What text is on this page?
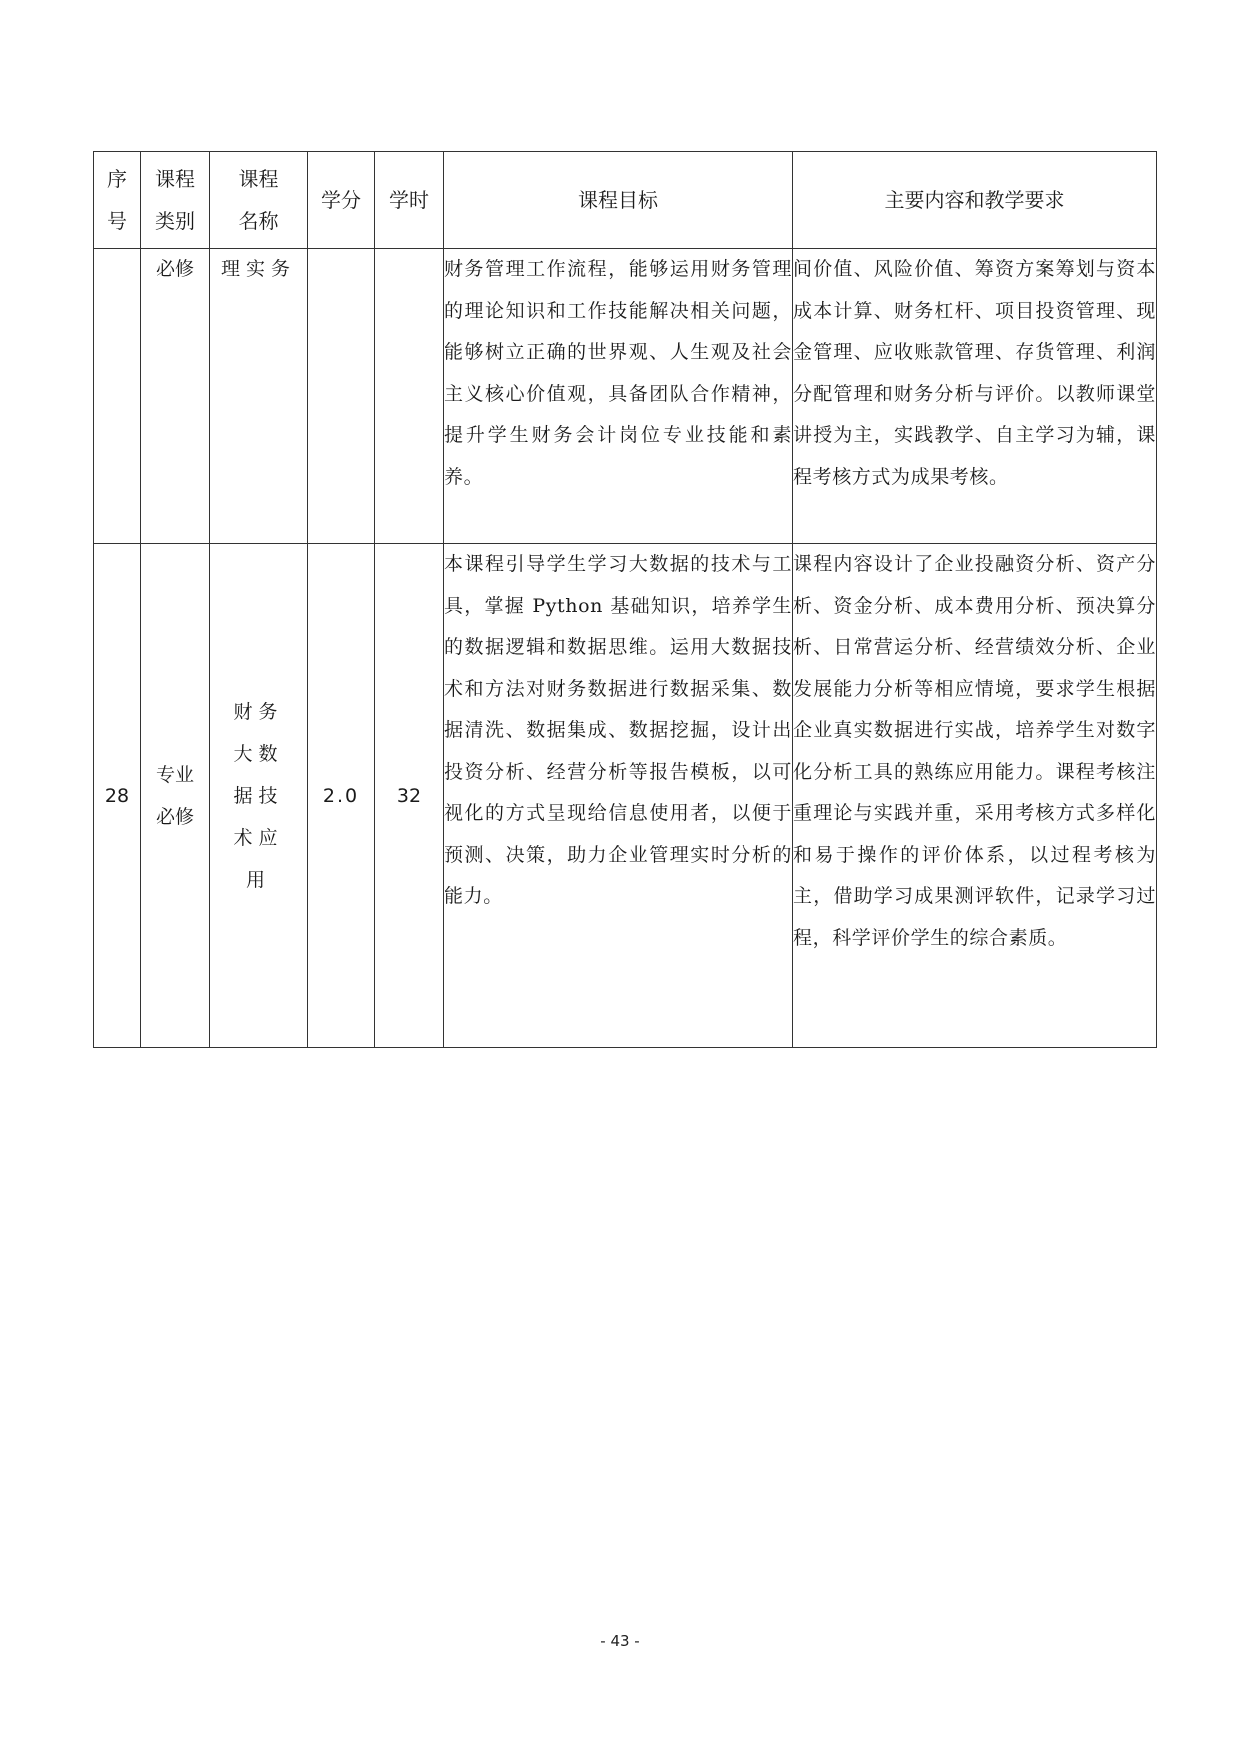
序号	课程类别	课程名称	学分	学时	课程目标	主要内容和教学要求
	必修	理实务			财务管理工作流程，能够运用财务管理的理论知识和工作技能解决相关问题，能够树立正确的世界观、人生观及社会主义核心价值观，具备团队合作精神，提升学生财务会计岗位专业技能和素养。	间价值、风险价值、筹资方案筹划与资本成本计算、财务杠杆、项目投资管理、现金管理、应收账款管理、存货管理、利润分配管理和财务分析与评价。以教师课堂讲授为主，实践教学、自主学习为辅，课程考核方式为成果考核。
28	专业必修	财务大数据技术应用	2.0	32	本课程引导学生学习大数据的技术与工具，掌握 Python 基础知识，培养学生的数据逻辑和数据思维。运用大数据技术和方法对财务数据进行数据采集、数据清洗、数据集成、数据挖掘，设计出投资分析、经营分析等报告模板，以可视化的方式呈现给信息使用者，以便于预测、决策，助力企业管理实时分析的能力。	课程内容设计了企业投融资分析、资产分析、资金分析、成本费用分析、预决算分析、日常营运分析、经营绩效分析、企业发展能力分析等相应情境，要求学生根据企业真实数据进行实战，培养学生对数字化分析工具的熟练应用能力。课程考核注重理论与实践并重，采用考核方式多样化和易于操作的评价体系，以过程考核为主，借助学习成果测评软件，记录学习过程，科学评价学生的综合素质。
- 43 -
